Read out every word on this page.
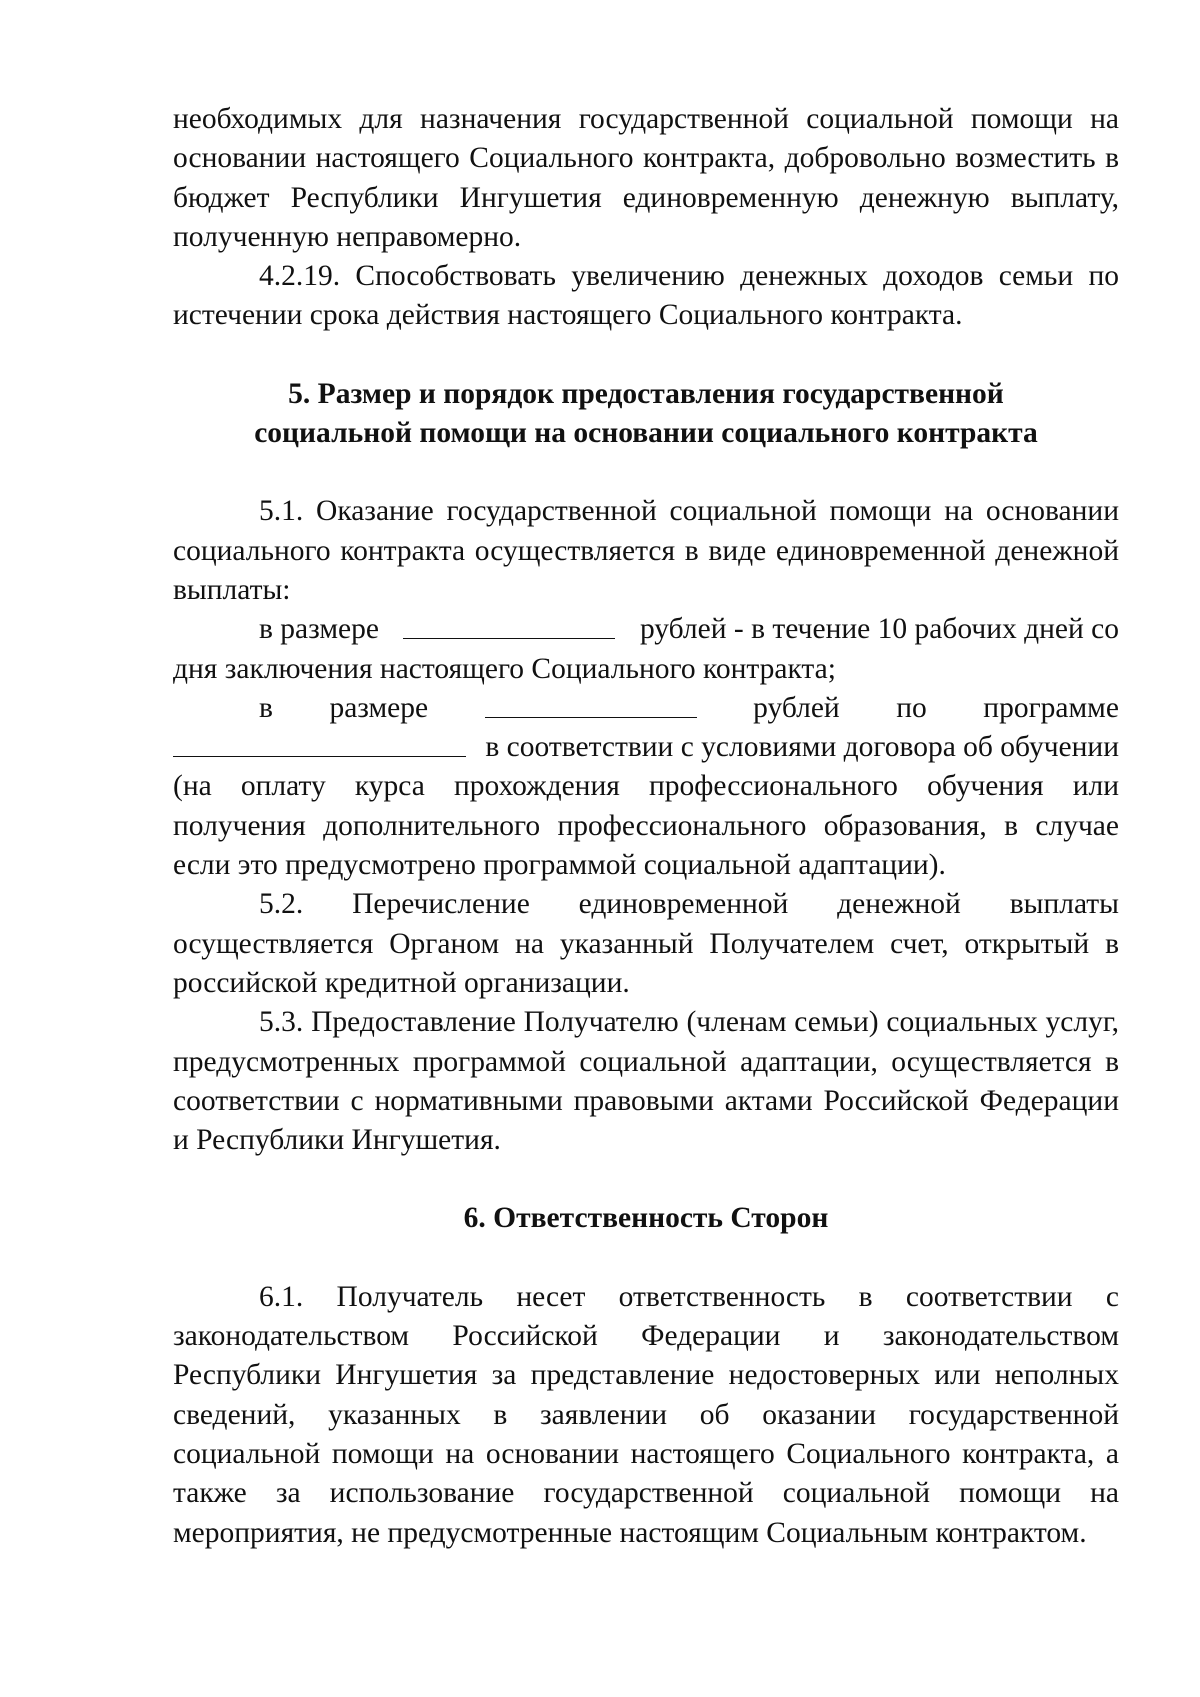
необходимых для назначения государственной социальной помощи на основании настоящего Социального контракта, добровольно возместить в бюджет Республики Ингушетия единовременную денежную выплату, полученную неправомерно.

4.2.19. Способствовать увеличению денежных доходов семьи по истечении срока действия настоящего Социального контракта.

5. Размер и порядок предоставления государственной
социальной помощи на основании социального контракта

5.1. Оказание государственной социальной помощи на основании социального контракта осуществляется в виде единовременной денежной выплаты:

в размере	рублей - в течение 10 рабочих дней со

дня заключения настоящего Социального контракта;

в размере	рублей по программе
в соответствии с условиями договора об обучении

(на оплату курса прохождения профессионального обучения или получения дополнительного профессионального образования, в случае если это предусмотрено программой социальной адаптации).

5.2. Перечисление единовременной денежной выплаты осуществляется Органом на указанный Получателем счет, открытый в российской кредитной организации.

5.3. Предоставление Получателю (членам семьи) социальных услуг, предусмотренных программой социальной адаптации, осуществляется в соответствии с нормативными правовыми актами Российской Федерации и Республики Ингушетия.

6. Ответственность Сторон

6.1. Получатель несет ответственность в соответствии с законодательством Российской Федерации и законодательством Республики Ингушетия за представление недостоверных или неполных сведений, указанных в заявлении об оказании государственной социальной помощи на основании настоящего Социального контракта, а также за использование государственной социальной помощи на мероприятия, не предусмотренные настоящим Социальным контрактом.
